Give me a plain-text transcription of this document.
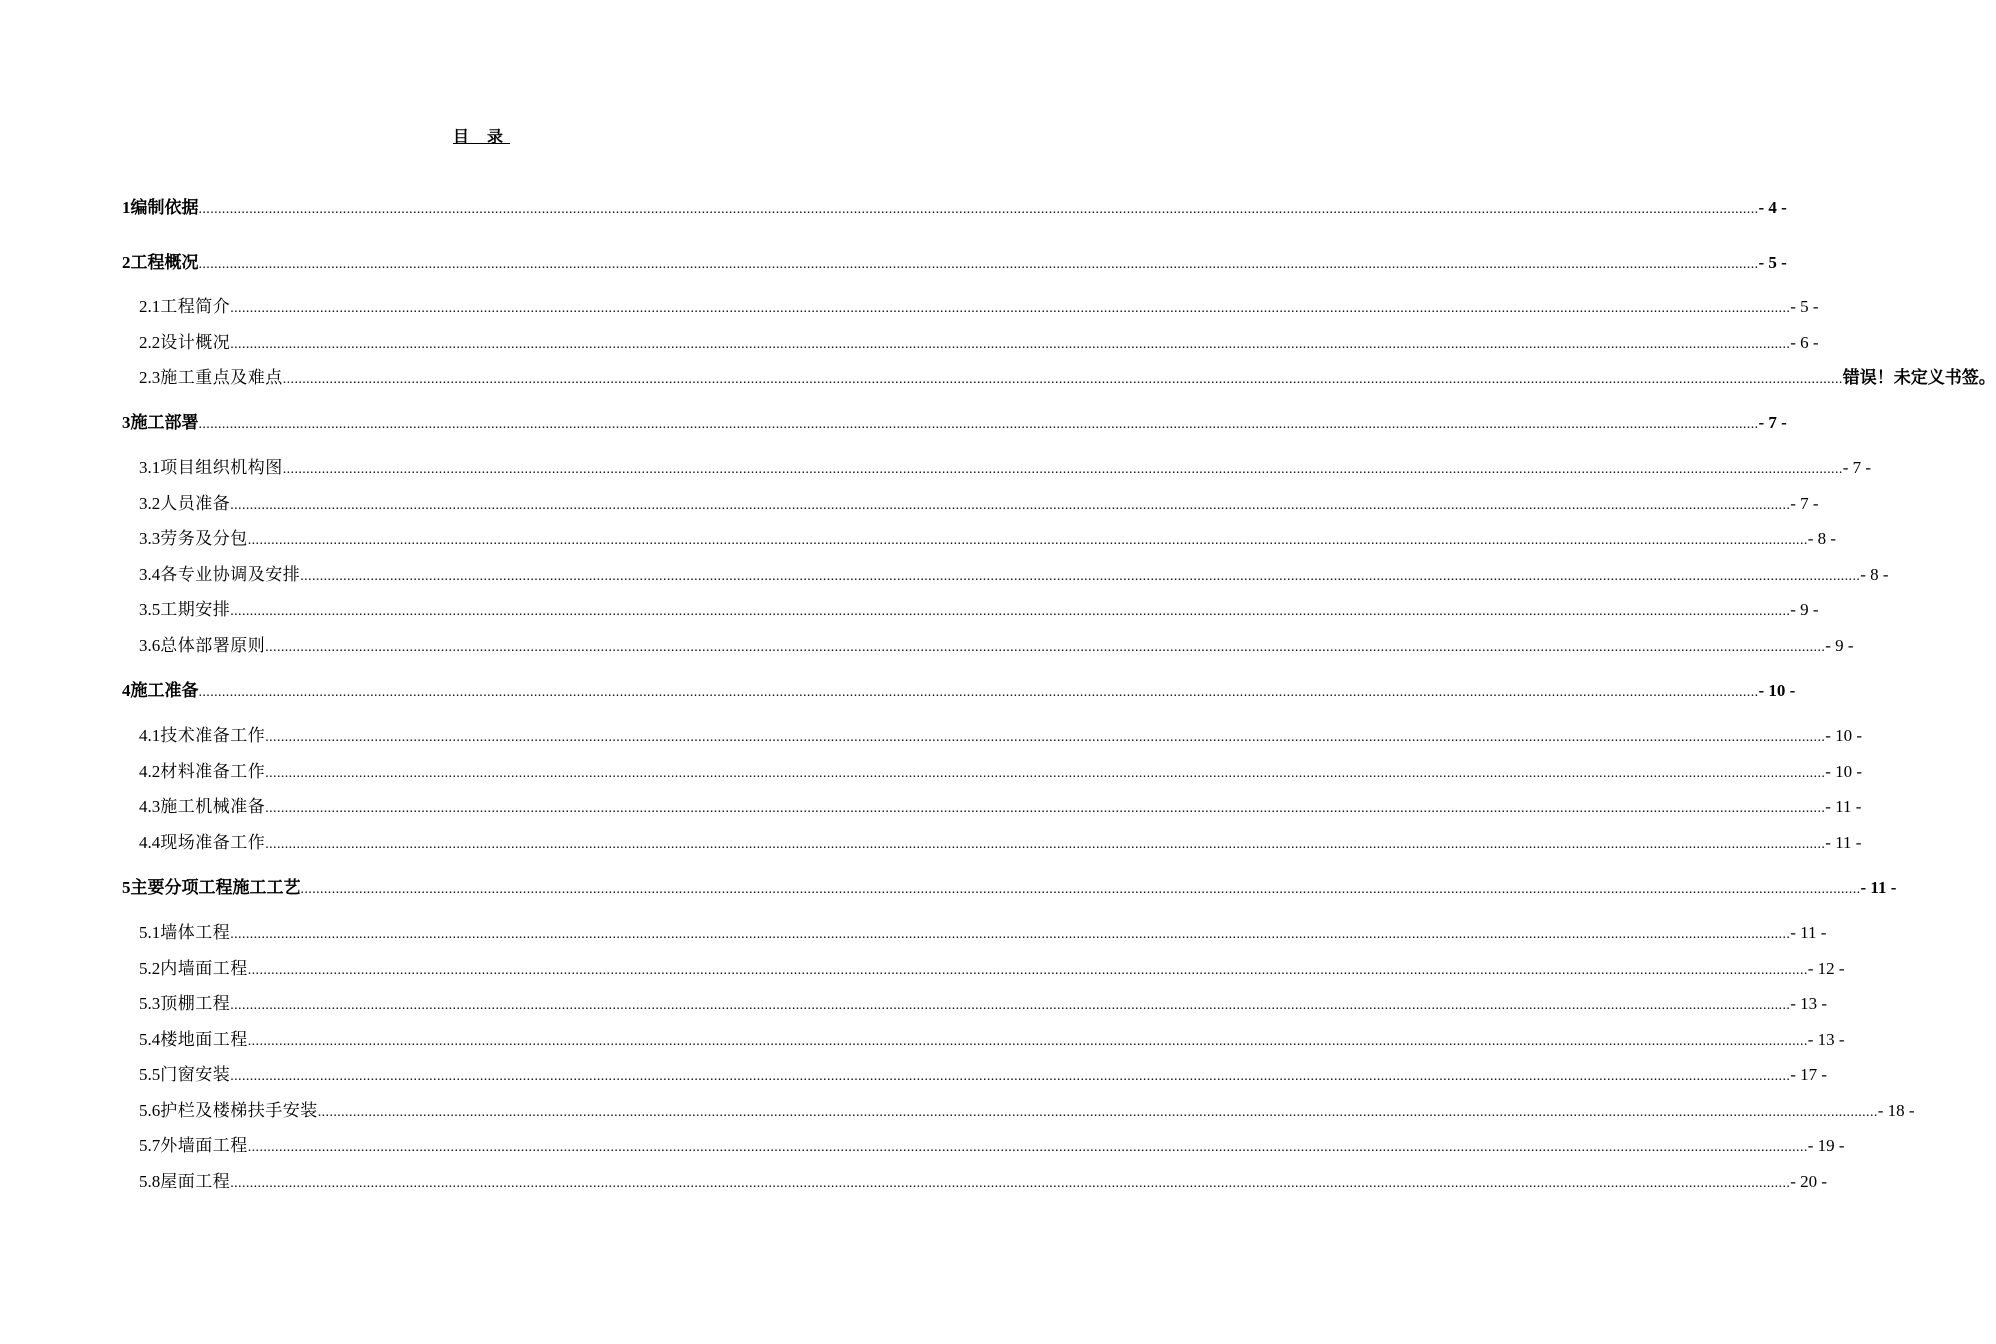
目 录
1 编制依据 ................................................................................................................................................................................................................................................................................................................................................................................................................ - 4 -
2 工程概况 ................................................................................................................................................................................................................................................................................................................................................................................................................ - 5 -
2.1 工程简介 ................................................................................................................................................................................................................................................................................................................................................................................................................ - 5 -
2.2 设计概况 ................................................................................................................................................................................................................................................................................................................................................................................................................ - 6 -
2.3 施工重点及难点 ................................................................................................................................................................................................................................................................................................................................................................................................................ 错误！未定义书签。
3 施工部署 ................................................................................................................................................................................................................................................................................................................................................................................................................ - 7 -
3.1 项目组织机构图 ................................................................................................................................................................................................................................................................................................................................................................................................................ - 7 -
3.2 人员准备 ................................................................................................................................................................................................................................................................................................................................................................................................................ - 7 -
3.3 劳务及分包 ................................................................................................................................................................................................................................................................................................................................................................................................................ - 8 -
3.4 各专业协调及安排 ................................................................................................................................................................................................................................................................................................................................................................................................................ - 8 -
3.5 工期安排 ................................................................................................................................................................................................................................................................................................................................................................................................................ - 9 -
3.6 总体部署原则 ................................................................................................................................................................................................................................................................................................................................................................................................................ - 9 -
4 施工准备 ................................................................................................................................................................................................................................................................................................................................................................................................................ - 10 -
4.1 技术准备工作 ................................................................................................................................................................................................................................................................................................................................................................................................................ - 10 -
4.2 材料准备工作 ................................................................................................................................................................................................................................................................................................................................................................................................................ - 10 -
4.3 施工机械准备 ................................................................................................................................................................................................................................................................................................................................................................................................................ - 11 -
4.4 现场准备工作 ................................................................................................................................................................................................................................................................................................................................................................................................................ - 11 -
5 主要分项工程施工工艺 ................................................................................................................................................................................................................................................................................................................................................................................................................ - 11 -
5.1 墙体工程 ................................................................................................................................................................................................................................................................................................................................................................................................................ - 11 -
5.2 内墙面工程 ................................................................................................................................................................................................................................................................................................................................................................................................................ - 12 -
5.3 顶棚工程 ................................................................................................................................................................................................................................................................................................................................................................................................................ - 13 -
5.4 楼地面工程 ................................................................................................................................................................................................................................................................................................................................................................................................................ - 13 -
5.5 门窗安装 ................................................................................................................................................................................................................................................................................................................................................................................................................ - 17 -
5.6 护栏及楼梯扶手安装 ................................................................................................................................................................................................................................................................................................................................................................................................................ - 18 -
5.7 外墙面工程 ................................................................................................................................................................................................................................................................................................................................................................................................................ - 19 -
5.8 屋面工程 ................................................................................................................................................................................................................................................................................................................................................................................................................ - 20 -
